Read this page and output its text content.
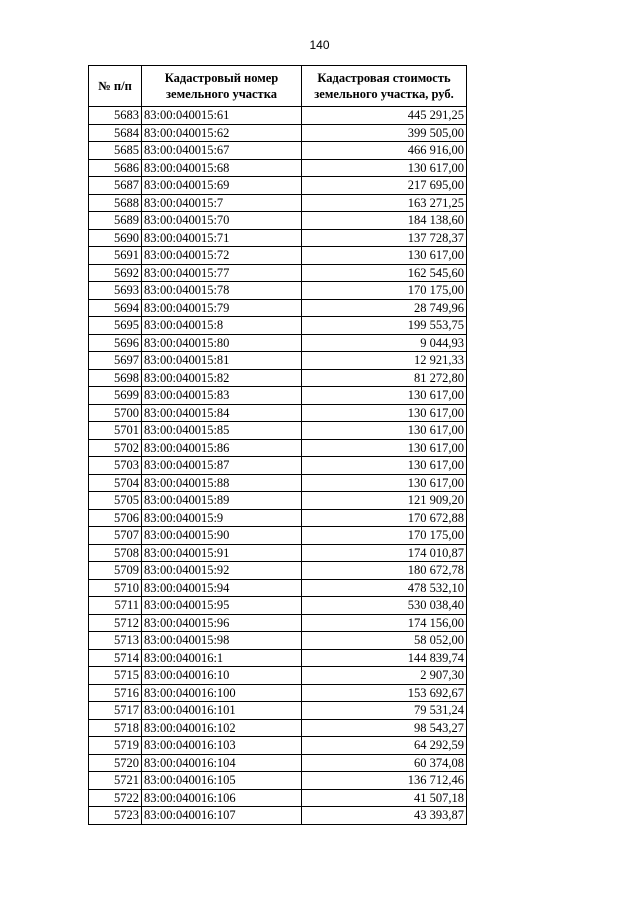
140
№ п/п	Кадастровый номер земельного участка	Кадастровая стоимость земельного участка, руб.
5683	83:00:040015:61	445 291,25
5684	83:00:040015:62	399 505,00
5685	83:00:040015:67	466 916,00
5686	83:00:040015:68	130 617,00
5687	83:00:040015:69	217 695,00
5688	83:00:040015:7	163 271,25
5689	83:00:040015:70	184 138,60
5690	83:00:040015:71	137 728,37
5691	83:00:040015:72	130 617,00
5692	83:00:040015:77	162 545,60
5693	83:00:040015:78	170 175,00
5694	83:00:040015:79	28 749,96
5695	83:00:040015:8	199 553,75
5696	83:00:040015:80	9 044,93
5697	83:00:040015:81	12 921,33
5698	83:00:040015:82	81 272,80
5699	83:00:040015:83	130 617,00
5700	83:00:040015:84	130 617,00
5701	83:00:040015:85	130 617,00
5702	83:00:040015:86	130 617,00
5703	83:00:040015:87	130 617,00
5704	83:00:040015:88	130 617,00
5705	83:00:040015:89	121 909,20
5706	83:00:040015:9	170 672,88
5707	83:00:040015:90	170 175,00
5708	83:00:040015:91	174 010,87
5709	83:00:040015:92	180 672,78
5710	83:00:040015:94	478 532,10
5711	83:00:040015:95	530 038,40
5712	83:00:040015:96	174 156,00
5713	83:00:040015:98	58 052,00
5714	83:00:040016:1	144 839,74
5715	83:00:040016:10	2 907,30
5716	83:00:040016:100	153 692,67
5717	83:00:040016:101	79 531,24
5718	83:00:040016:102	98 543,27
5719	83:00:040016:103	64 292,59
5720	83:00:040016:104	60 374,08
5721	83:00:040016:105	136 712,46
5722	83:00:040016:106	41 507,18
5723	83:00:040016:107	43 393,87
